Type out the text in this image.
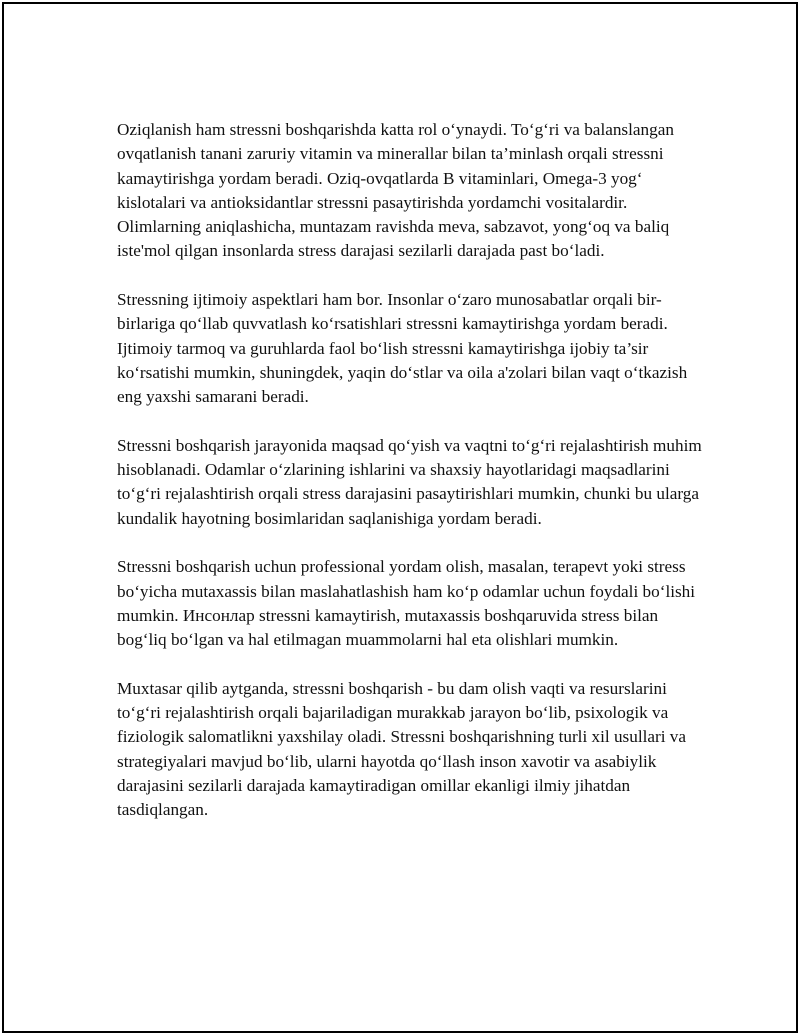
Oziqlanish ham stressni boshqarishda katta rol o‘ynaydi. To‘g‘ri va balanslangan ovqatlanish tanani zaruriy vitamin va minerallar bilan ta’minlash orqali stressni kamaytirishga yordam beradi. Oziq-ovqatlarda B vitaminlari, Omega-3 yog‘ kislotalari va antioksidantlar stressni pasaytirishda yordamchi vositalardir. Olimlarning aniqlashicha, muntazam ravishda meva, sabzavot, yong‘oq va baliq iste'mol qilgan insonlarda stress darajasi sezilarli darajada past bo‘ladi.

Stressning ijtimoiy aspektlari ham bor. Insonlar o‘zaro munosabatlar orqali bir-birlariga qo‘llab quvvatlash ko‘rsatishlari stressni kamaytirishga yordam beradi. Ijtimoiy tarmoq va guruhlarda faol bo‘lish stressni kamaytirishga ijobiy ta’sir ko‘rsatishi mumkin, shuningdek, yaqin do‘stlar va oila a'zolari bilan vaqt o‘tkazish eng yaxshi samarani beradi.

Stressni boshqarish jarayonida maqsad qo‘yish va vaqtni to‘g‘ri rejalashtirish muhim hisoblanadi. Odamlar o‘zlarining ishlarini va shaxsiy hayotlaridagi maqsadlarini to‘g‘ri rejalashtirish orqali stress darajasini pasaytirishlari mumkin, chunki bu ularga kundalik hayotning bosimlaridan saqlanishiga yordam beradi.

Stressni boshqarish uchun professional yordam olish, masalan, terapevt yoki stress bo‘yicha mutaxassis bilan maslahatlashish ham ko‘p odamlar uchun foydali bo‘lishi mumkin. Инсонлар stressni kamaytirish, mutaxassis boshqaruvida stress bilan bog‘liq bo‘lgan va hal etilmagan muammolarni hal eta olishlari mumkin.

Muxtasar qilib aytganda, stressni boshqarish - bu dam olish vaqti va resurslarini to‘g‘ri rejalashtirish orqali bajariladigan murakkab jarayon bo‘lib, psixologik va fiziologik salomatlikni yaxshilay oladi. Stressni boshqarishning turli xil usullari va strategiyalari mavjud bo‘lib, ularni hayotda qo‘llash inson xavotir va asabiylik darajasini sezilarli darajada kamaytiradigan omillar ekanligi ilmiy jihatdan tasdiqlangan.
